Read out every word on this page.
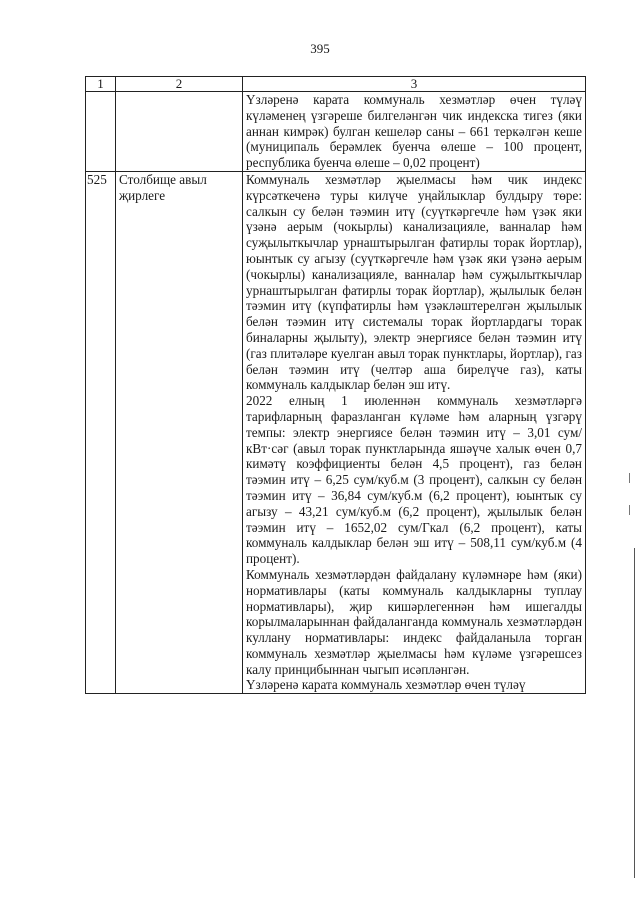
395
1	2	3

		Үзләренә карата коммуналь хезмәтләр өчен түләү күләменең үзгәреше билгеләнгән чик индекска тигез (яки аннан кимрәк) булган кешеләр саны – 661 теркәлгән кеше (муниципаль берәмлек буенча өлеше – 100 процент, республика буенча өлеше – 0,02 процент)

525	Столбище авыл җирлеге	Коммуналь хезмәтләр җыелмасы һәм чик индекс күрсәткеченә туры килүче уңайлыклар булдыру төре: салкын су белән тәэмин итү (суүткәргечле һәм үзәк яки үзәнә аерым (чокырлы) канализацияле, ванналар һәм суҗылыткычлар урнаштырылган фатирлы торак йортлар), юынтык су агызу (суүткәргечле һәм үзәк яки үзәнә аерым (чокырлы) канализацияле, ванналар һәм суҗылыткычлар урнаштырылган фатирлы торак йортлар), җылылык белән тәэмин итү (күпфатирлы һәм үзәкләштерелгән җылылык белән тәэмин итү системалы торак йортлардагы торак биналарны җылыту), электр энергиясе белән тәэмин итү (газ плитәләре куелган авыл торак пунктлары, йортлар), газ белән тәэмин итү (челтәр аша бирелүче газ), каты коммуналь калдыклар белән эш итү.

2022 елның 1 июленнән коммуналь хезмәтләргә тарифларның фаразланган күләме һәм аларның үзгәрү темпы: электр энергиясе белән тәэмин итү – 3,01 сум/кВт·сәг (авыл торак пунктларында яшәүче халык өчен 0,7 кимәтү коэффициенты белән 4,5 процент), газ белән тәэмин итү – 6,25 сум/куб.м (3 процент), салкын су белән тәэмин итү – 36,84 сум/куб.м (6,2 процент), юынтык су агызу – 43,21 сум/куб.м (6,2 процент), җылылык белән тәэмин итү – 1652,02 сум/Гкал (6,2 процент), каты коммуналь калдыклар белән эш итү – 508,11 сум/куб.м (4 процент).

Коммуналь хезмәтләрдән файдалану күләмнәре һәм (яки) нормативлары (каты коммуналь калдыкларны туплау нормативлары), җир кишәрлегеннән һәм ишегалды корылмаларыннан файдаланганда коммуналь хезмәтләрдән куллану нормативлары: индекс файдаланыла торган коммуналь хезмәтләр җыелмасы һәм күләме үзгәрешсез калу принцибыннан чыгып исәпләнгән.

Үзләренә карата коммуналь хезмәтләр өчен түләү
